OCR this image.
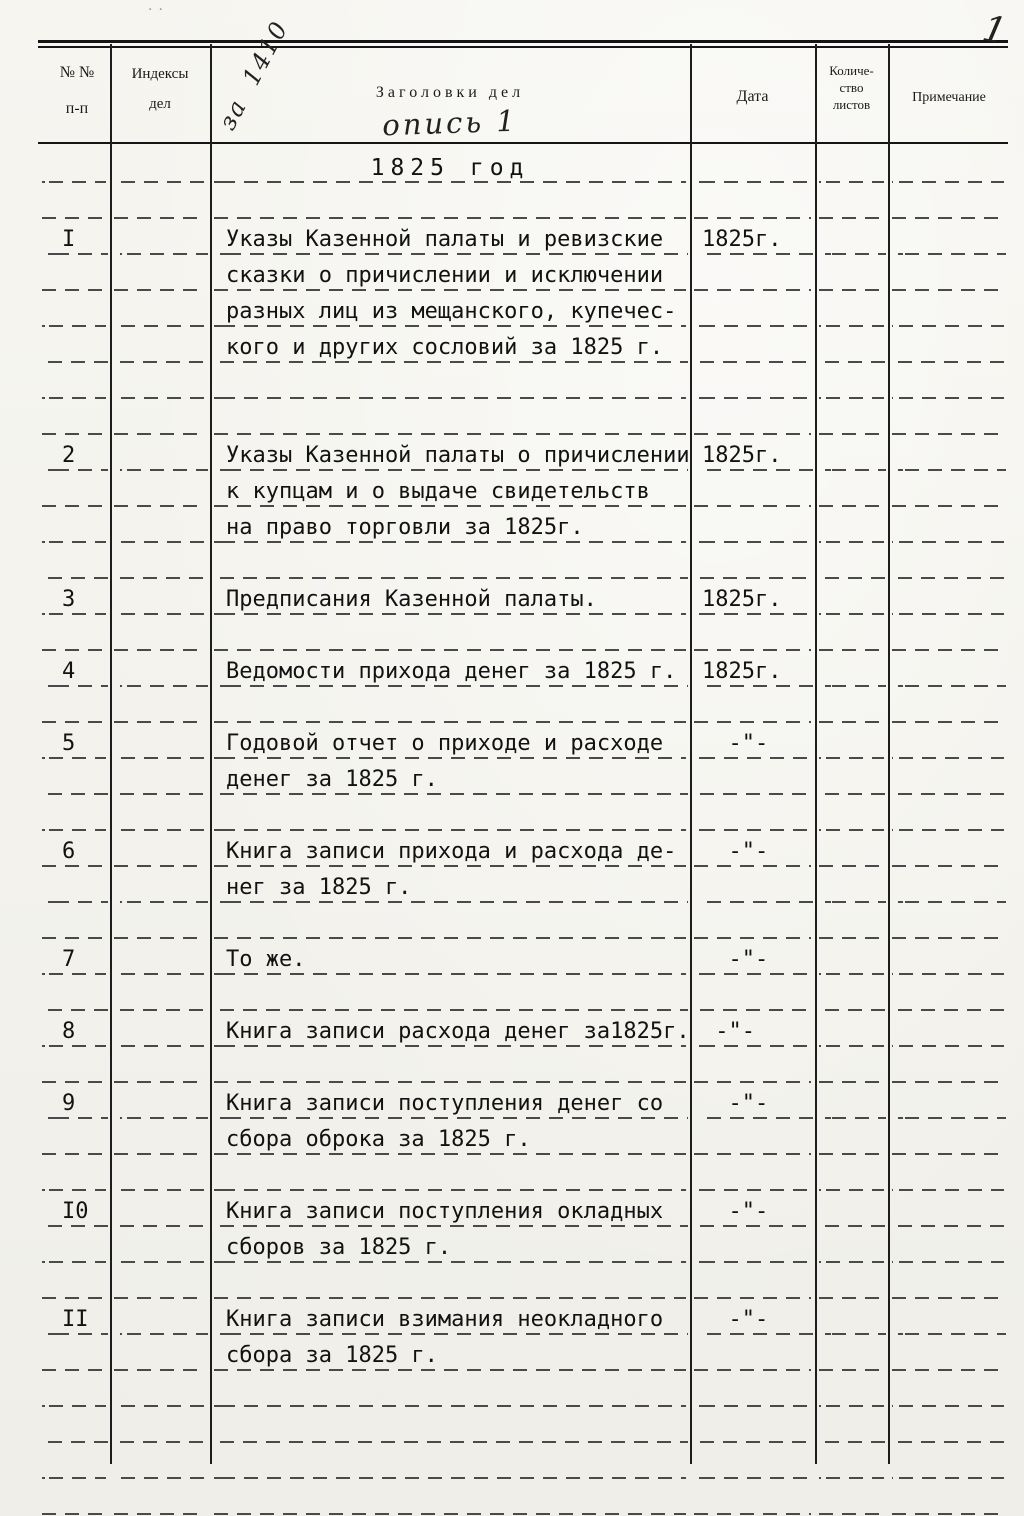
№ №
п-п
Индексы
дел
Заголовки дел	Дата
Количе-
ство
листов	Примечание
за  1410
опись 1
1
··
1825 год
I	Указы Казенной палаты и ревизские	1825г.
сказки о причислении и исключении
разных лиц из мещанского, купечес-
кого и других сословий за 1825 г.
2	Указы Казенной палаты о причислении 1825г.
к купцам и о выдаче свидетельств
на право торговли за 1825г.
3	Предписания Казенной палаты.	1825г.
4	Ведомости прихода денег за 1825 г.	1825г.
5	Годовой отчет о приходе и расходе	-"-
денег за 1825 г.
6	Книга записи прихода и расхода де-	-"-
нег за 1825 г.
7	То же.	-"-
8	Книга записи расхода денег за1825г. -"-
9	Книга записи поступления денег со	-"-
сбора оброка за 1825 г.
I0	Книга записи поступления окладных	-"-
сборов за 1825 г.
II	Книга записи взимания неокладного	-"-
сбора за 1825 г.
